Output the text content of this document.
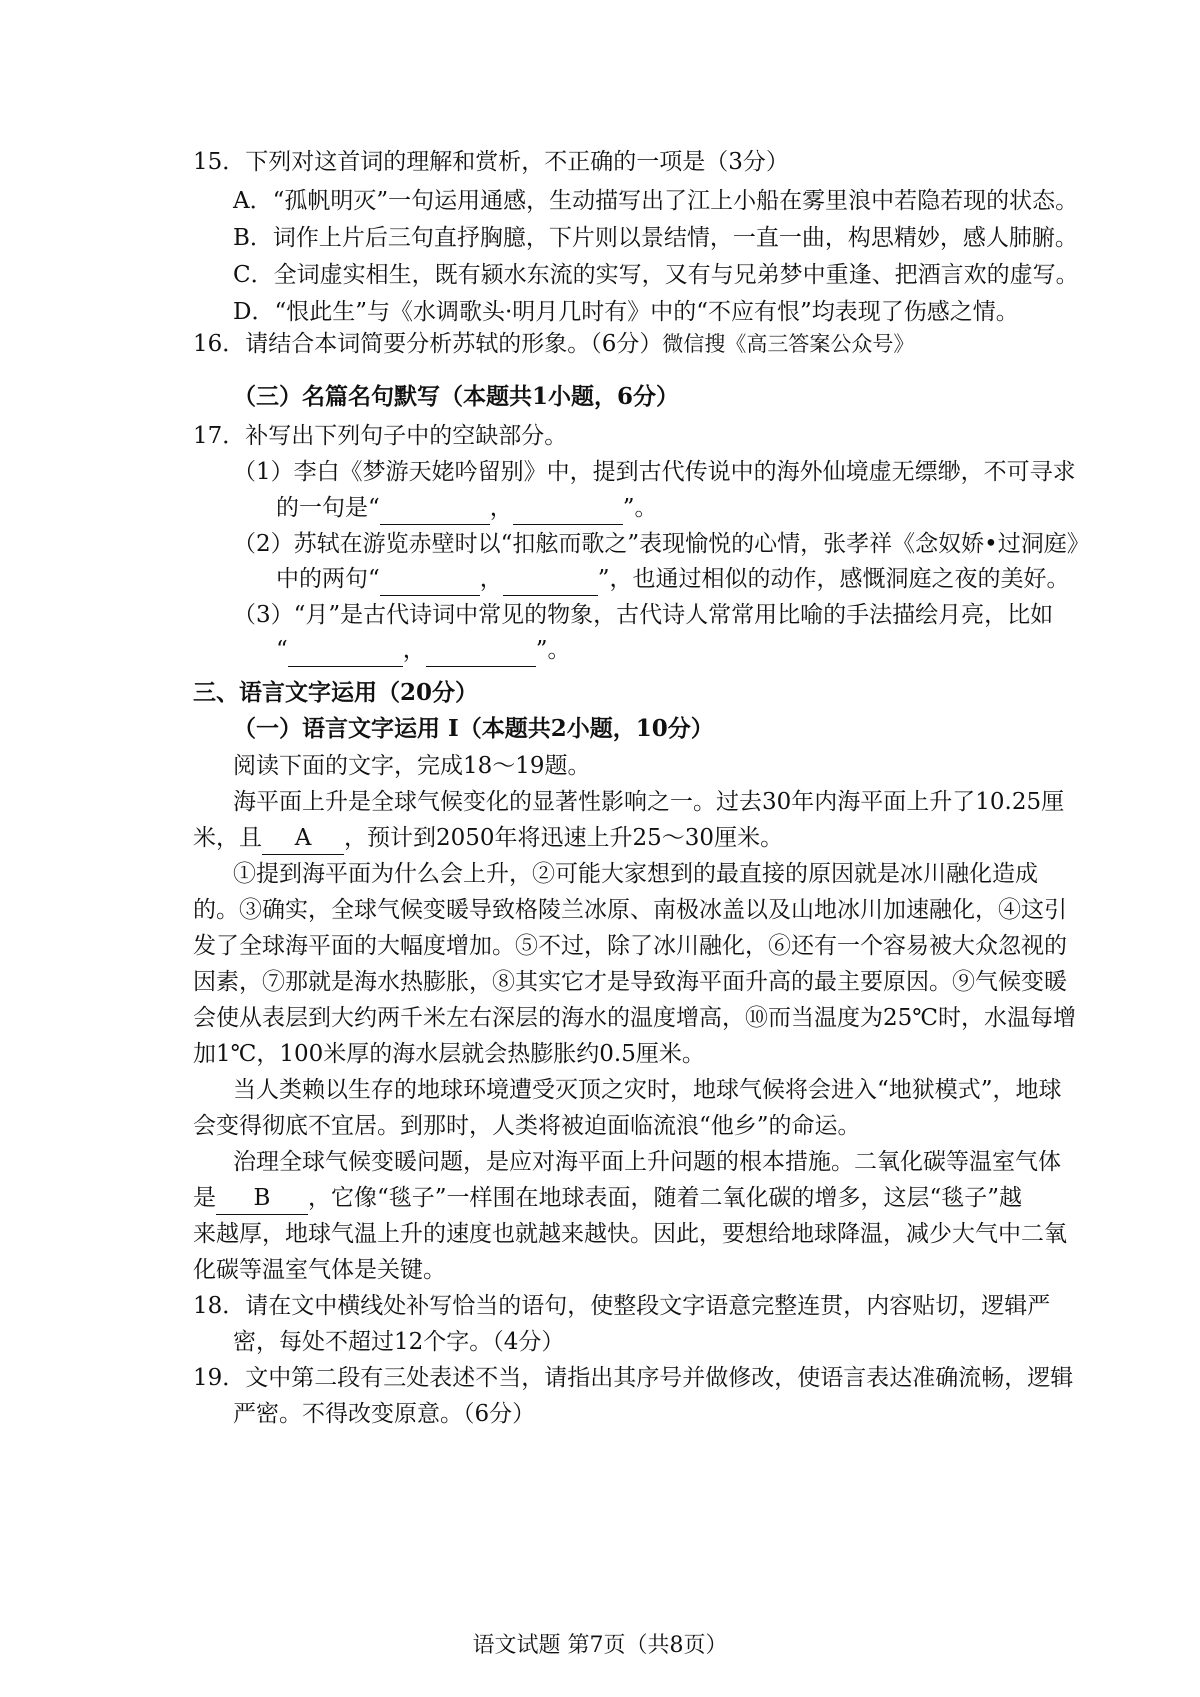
15．下列对这首词的理解和赏析，不正确的一项是（3分）
A．“孤帆明灭”一句运用通感，生动描写出了江上小船在雾里浪中若隐若现的状态。
B．词作上片后三句直抒胸臆，下片则以景结情，一直一曲，构思精妙，感人肺腑。
C．全词虚实相生，既有颍水东流的实写，又有与兄弟梦中重逢、把酒言欢的虚写。
D．“恨此生”与《水调歌头·明月几时有》中的“不应有恨”均表现了伤感之情。
16．请结合本词简要分析苏轼的形象。（6分）微信搜《高三答案公众号》
（三）名篇名句默写（本题共1小题，6分）
17．补写出下列句子中的空缺部分。
（1）李白《梦游天姥吟留别》中，提到古代传说中的海外仙境虚无缥缈，不可寻求
的一句是“	，	”。
（2）苏轼在游览赤壁时以“扣舷而歌之”表现愉悦的心情，张孝祥《念奴娇•过洞庭》
中的两句“	，	”，也通过相似的动作，感慨洞庭之夜的美好。
（3）“月”是古代诗词中常见的物象，古代诗人常常用比喻的手法描绘月亮，比如
“	，	”。
三、语言文字运用（20分）
（一）语言文字运用 I（本题共2小题，10分）
阅读下面的文字，完成18～19题。
海平面上升是全球气候变化的显著性影响之一。过去30年内海平面上升了10.25厘
米，且 A ，预计到2050年将迅速上升25～30厘米。
①提到海平面为什么会上升，②可能大家想到的最直接的原因就是冰川融化造成
的。③确实，全球气候变暖导致格陵兰冰原、南极冰盖以及山地冰川加速融化，④这引
发了全球海平面的大幅度增加。⑤不过，除了冰川融化，⑥还有一个容易被大众忽视的
因素，⑦那就是海水热膨胀，⑧其实它才是导致海平面升高的最主要原因。⑨气候变暖
会使从表层到大约两千米左右深层的海水的温度增高，⑩而当温度为25℃时，水温每增
加1℃，100米厚的海水层就会热膨胀约0.5厘米。
当人类赖以生存的地球环境遭受灭顶之灾时，地球气候将会进入“地狱模式”，地球
会变得彻底不宜居。到那时，人类将被迫面临流浪“他乡”的命运。
治理全球气候变暖问题，是应对海平面上升问题的根本措施。二氧化碳等温室气体
是 B ，它像“毯子”一样围在地球表面，随着二氧化碳的增多，这层“毯子”越
来越厚，地球气温上升的速度也就越来越快。因此，要想给地球降温，减少大气中二氧
化碳等温室气体是关键。
18．请在文中横线处补写恰当的语句，使整段文字语意完整连贯，内容贴切，逻辑严
密，每处不超过12个字。（4分）
19．文中第二段有三处表述不当，请指出其序号并做修改，使语言表达准确流畅，逻辑
严密。不得改变原意。（6分）
语文试题 第7页（共8页）
